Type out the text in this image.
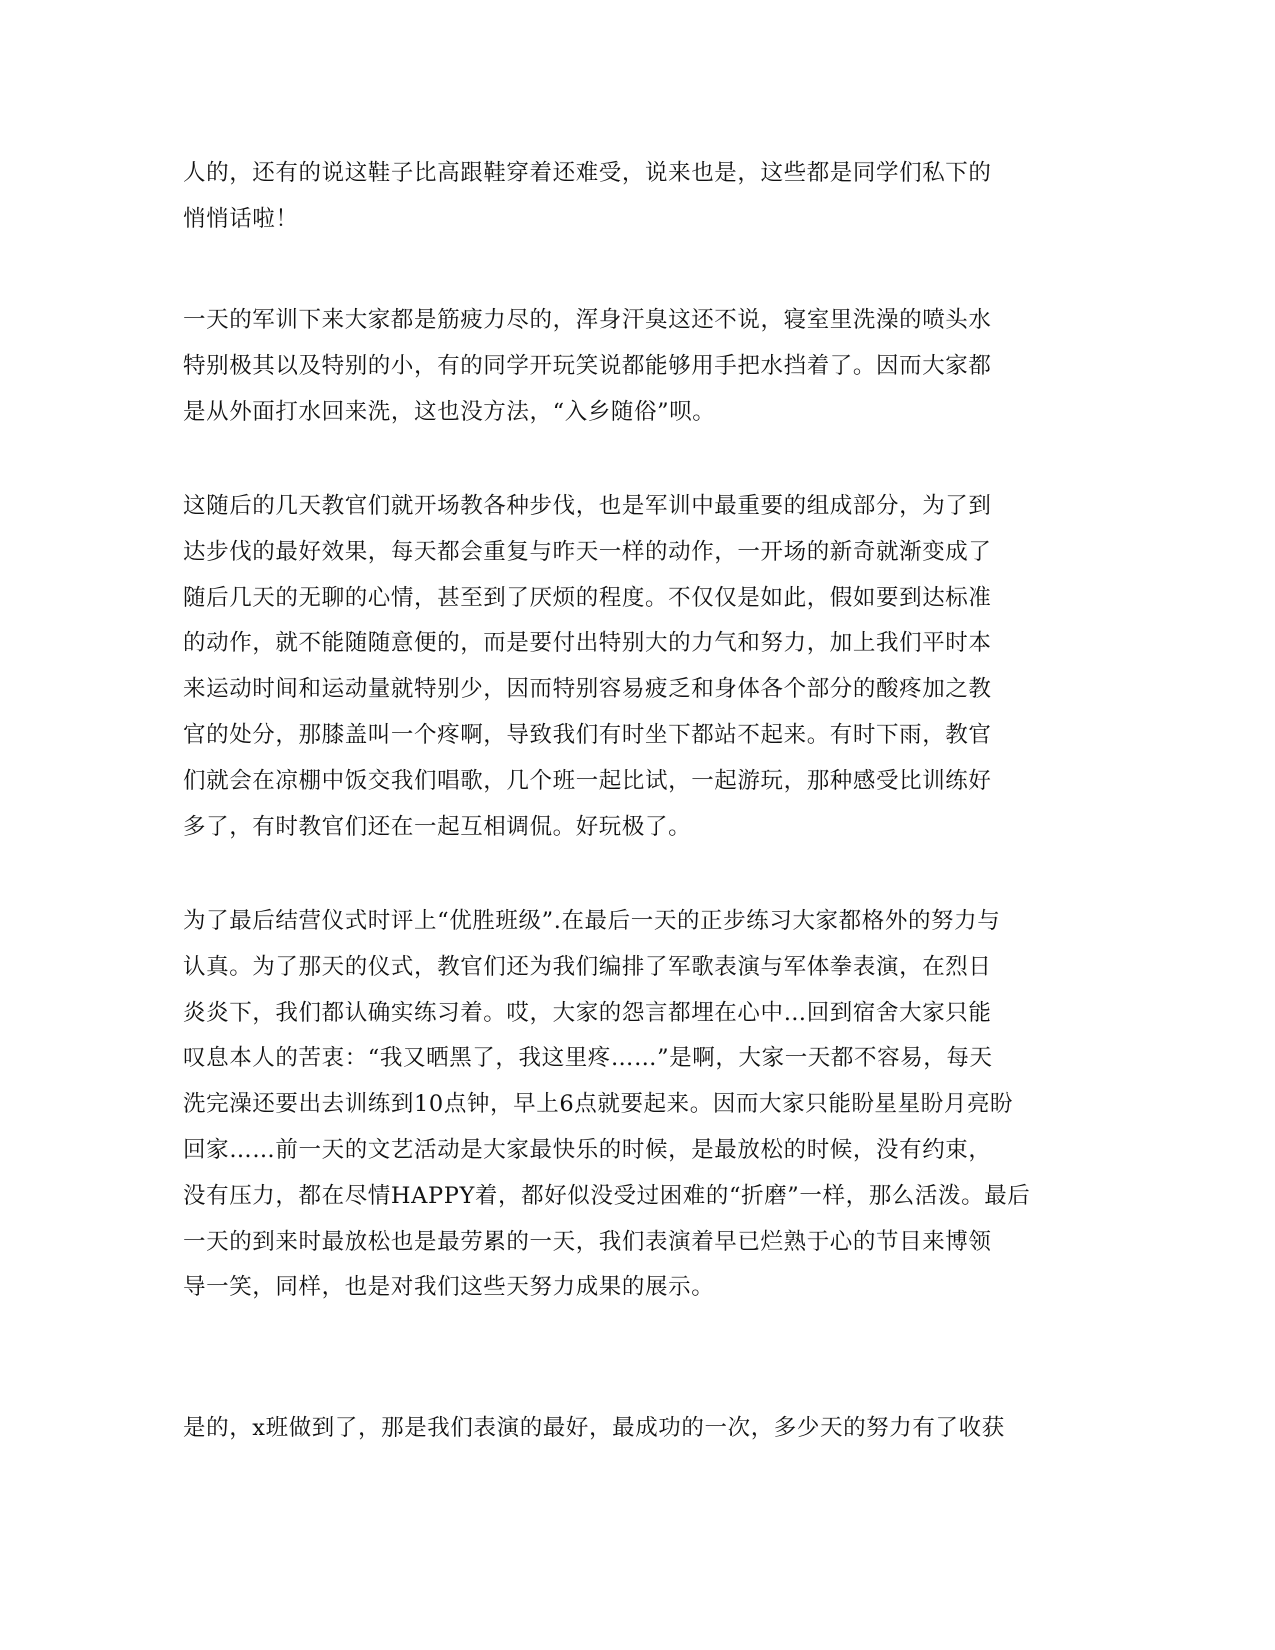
人的，还有的说这鞋子比高跟鞋穿着还难受，说来也是，这些都是同学们私下的
悄悄话啦！

一天的军训下来大家都是筋疲力尽的，浑身汗臭这还不说，寝室里洗澡的喷头水
特别极其以及特别的小，有的同学开玩笑说都能够用手把水挡着了。因而大家都
是从外面打水回来洗，这也没方法，“入乡随俗”呗。

这随后的几天教官们就开场教各种步伐，也是军训中最重要的组成部分，为了到
达步伐的最好效果，每天都会重复与昨天一样的动作，一开场的新奇就渐变成了
随后几天的无聊的心情，甚至到了厌烦的程度。不仅仅是如此，假如要到达标准
的动作，就不能随随意便的，而是要付出特别大的力气和努力，加上我们平时本
来运动时间和运动量就特别少，因而特别容易疲乏和身体各个部分的酸疼加之教
官的处分，那膝盖叫一个疼啊，导致我们有时坐下都站不起来。有时下雨，教官
们就会在凉棚中饭交我们唱歌，几个班一起比试，一起游玩，那种感受比训练好
多了，有时教官们还在一起互相调侃。好玩极了。

为了最后结营仪式时评上“优胜班级”.在最后一天的正步练习大家都格外的努力与
认真。为了那天的仪式，教官们还为我们编排了军歌表演与军体拳表演，在烈日
炎炎下，我们都认确实练习着。哎，大家的怨言都埋在心中…回到宿舍大家只能
叹息本人的苦衷：“我又晒黑了，我这里疼……”是啊，大家一天都不容易，每天
洗完澡还要出去训练到10点钟，早上6点就要起来。因而大家只能盼星星盼月亮盼
回家……前一天的文艺活动是大家最快乐的时候，是最放松的时候，没有约束，
没有压力，都在尽情HAPPY着，都好似没受过困难的“折磨”一样，那么活泼。最后
一天的到来时最放松也是最劳累的一天，我们表演着早已烂熟于心的节目来博领
导一笑，同样，也是对我们这些天努力成果的展示。

是的，x班做到了，那是我们表演的最好，最成功的一次，多少天的努力有了收获
